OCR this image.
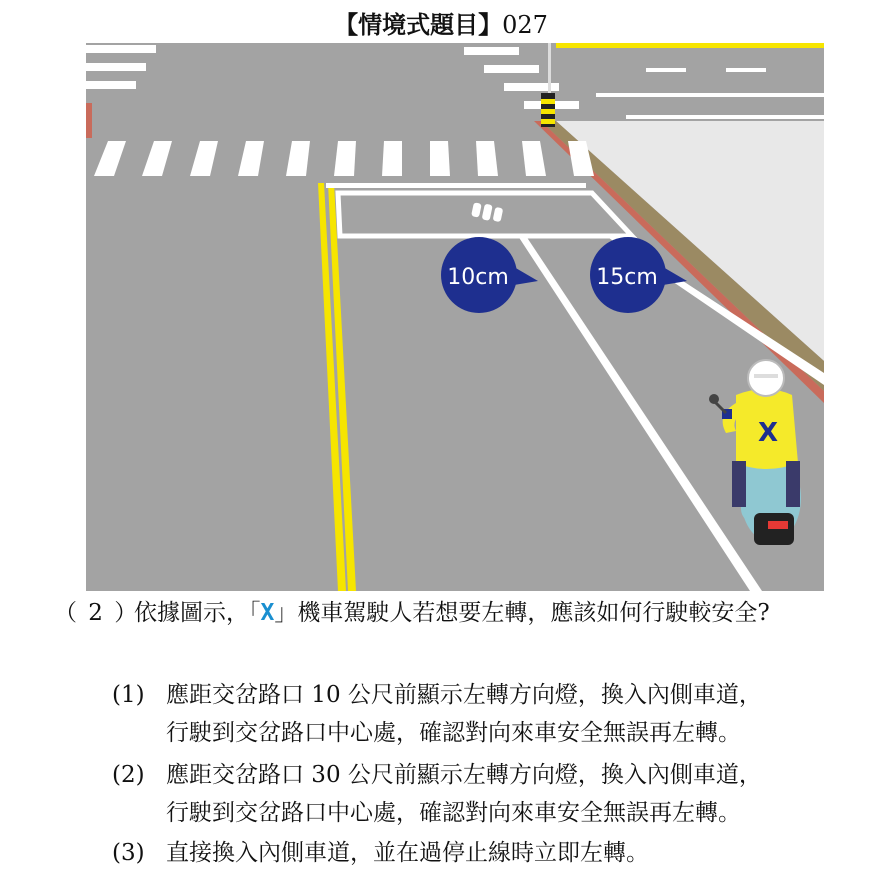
【情境式題目】027
10cm	15cm
X
（ 2 ）
依據圖示，「X」機車駕駛人若想要左轉，應該如何行駛較安全?
(1) 應距交岔路口 10 公尺前顯示左轉方向燈，換入內側車道，
行駛到交岔路口中心處，確認對向來車安全無誤再左轉。
(2) 應距交岔路口 30 公尺前顯示左轉方向燈，換入內側車道，
行駛到交岔路口中心處，確認對向來車安全無誤再左轉。
(3) 直接換入內側車道，並在過停止線時立即左轉。
